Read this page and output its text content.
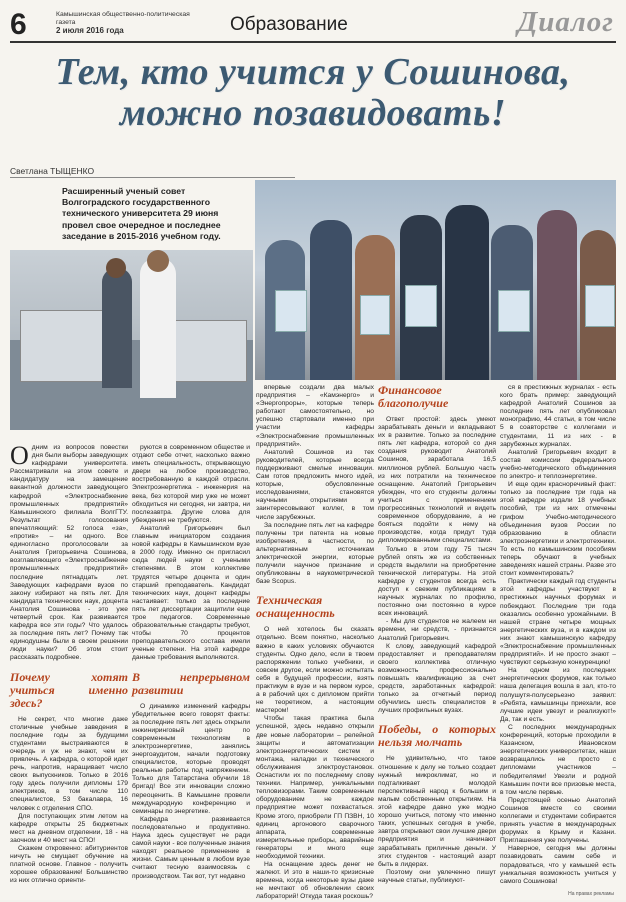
6	Камышинская общественно-политическая газета
2 июля 2016 года	Образование	Диалог
Тем, кто учится у Сошинова,
можно позавидовать!
Светлана ТЫЩЕНКО
Расширенный ученый совет Волгоградского государственного технического университета 29 июня провел свое очередное и последнее заседание в 2015-2016 учебном году.

Одним из вопросов повестки дня были выборы заведующих кафедрами университета. Рассматривали на этом совете и кандидатуру на замещение вакантной должности заведующего кафедрой «Электроснабжение промышленных предприятий» Камышинского филиала ВолгГТУ. Результат голосования впечатляющий: 52 голоса «за», «против» – ни одного. Все единогласно проголосовали за Анатолия Григорьевича Сошинова, возглавляющего «Электроснабжение промышленных предприятий» последние пятнадцать лет. Заведующих кафедрами вузов по закону избирают на пять лет. Для кандидата технических наук, доцента Анатолия Сошинова - это уже четвертый срок. Как развивается кафедра все эти годы? Что удалось за последние пять лет? Почему так единодушны были в своем решении люди науки? Об этом стоит рассказать подробнее.

Почему хотят учиться именно здесь?

Не секрет, что многие даже столичные учебные заведения в последние годы за будущими студентами выстраиваются в очередь и уж не знают, чем их привлечь. А кафедра, о которой идет речь, напротив, наращивает число своих выпускников. Только в 2016 году здесь получили дипломы 179 электриков, в том числе 110 специалистов, 53 бакалавра, 16 человек с отделения СПО.

Для поступающих этим летом на кафедре открыты 25 бюджетных мест на дневном отделении, 18 - на заочном и 40 мест на СПО!

Скажем откровенно: абитуриентов ничуть не смущает обучение на платной основе. Главное - получить хорошее образование! Большинство из них отлично ориенти-

руются в современном обществе и отдают себе отчет, насколько важно иметь специальность, открывающую двери на любое производство, востребованную в каждой отрасли. Электроэнергетика - инженерия на века, без которой мир уже не может обходиться ни сегодня, ни завтра, ни послезавтра. Другие слова для убеждения не требуются.

Анатолий Григорьевич был главным инициатором создания новой кафедры в Камышинском вузе в 2000 году. Именно он пригласил сюда людей науки с учеными степенями. В этом коллективе трудятся четыре доцента и один старший преподаватель. Кандидат технических наук, доцент кафедры настаивает: только за последние пять лет диссертации защитили еще трое педагогов. Современные образовательные стандарты требуют, чтобы 70 процентов преподавательского состава имели ученые степени. На этой кафедре данные требования выполняются.

В непрерывном развитии

О динамике изменений кафедры убедительнее всего говорят факты: за последние пять лет здесь открыли инжиниринговый центр по современным технологиям в электроэнергетике, занялись энергоаудитом, начали подготовку специалистов, которые проводят реальные работы под напряжением. Только для Татарстана обучили 18 бригад! Все эти инновации сложно переоценить. В Камышине провели международную конференцию и семинары по энергетике.

Кафедра развивается последовательно и продуктивно. Наука здесь существует не ради самой науки - все полученные знания находят реальное применение в жизни. Самым ценным в любом вузе считают тесную взаимосвязь с производством. Так вот, тут недавно

впервые создали два малых предприятия – «Камэнерго» и «Энергопроры», которые теперь работают самостоятельно, но успешно стартовали именно при участии кафедры «Электроснабжение промышленных предприятий».

Анатолий Сошинов из тех руководителей, которые всегда поддерживают смелые инновации. Сам готов предложить много идей, которые, обусловленные исследованиями, становятся научными открытиями и заинтересовывают коллег, в том числе зарубежных.

За последние пять лет на кафедре получены три патента на новые изобретения, в частности, по альтернативным источникам электрической энергии, которые получили научное признание и опубликованы в наукометрической базе Scopus.

Техническая оснащенность

О ней хотелось бы сказать отдельно. Всем понятно, насколько важно в каких условиях обучаются студенты. Одно дело, если в твоем распоряжении только учебники, и совсем другое, если можно испытать себя в будущей профессии, взять практикум в вузе и на первом курсе, а в рабочий цех с дипломом прийти не теоретиком, а настоящим мастером!

Чтобы такая практика была успешной, здесь недавно открыли две новые лаборатории – релейной защиты и автоматизации электроэнергетических систем и монтажа, наладки и технического обслуживания электроустановок. Оснастили их по последнему слову техники. Например, уникальными тепловизорами. Таким современным оборудованием не каждое предприятие может похвастаться. Кроме этого, приобрели ГП ПЗВН, 10 единиц аргонового сварочного аппарата, современные измерительные приборы, аварийные генераторы и много еще необходимой техники.

На оснащение здесь денег не жалеют. И это в наши-то кризисные времена, когда некоторые вузы даже не мечтают об обновлении своих лабораторий! Откуда такая роскошь?

Финансовое благополучие

Ответ простой: здесь умеют зарабатывать деньги и вкладывают их в развитие. Только за последние пять лет кафедра, которой со дня создания руководит Анатолий Сошинов, заработала 16,5 миллионов рублей. Большую часть из них потратили на техническое оснащение. Анатолий Григорьевич убежден, что его студенты должны учиться с применением прогрессивных технологий и видеть современное оборудование, а не бояться подойти к нему на производстве, когда придут туда дипломированными специалистами.

Только в этом году 75 тысяч рублей опять же из собственных средств выделили на приобретение технической литературы. На этой кафедре у студентов всегда есть доступ к свежим публикациям в научных журналах по профилю, постоянно они постоянно в курсе всех инноваций.

- Мы для студентов не жалеем ни времени, ни средств, - признается Анатолий Григорьевич.

К слову, заведующий кафедрой предоставляет и преподавателям своего коллектива отличную возможность профессионально повышать квалификацию за счет средств, заработанных кафедрой: только за отчетный период обучились шесть специалистов в лучших профильных вузах.

Победы, о которых нельзя молчать

Не удивительно, что такое отношение к делу не только создает нужный микроклимат, но и подталкивает молодой перспективный народ к большим и малым собственным открытиям. На этой кафедре давно уже модно хорошо учиться, потому что именно таких, успешных сегодня в учебе, завтра открывают свои лучшие двери предприятия и начинают зарабатывать приличные деньги. У этих студентов - настоящий азарт быть в лидерах.

Поэтому они увлеченно пишут научные статьи, публикуют-

ся в престижных журналах - есть кого брать пример: заведующий кафедрой Анатолий Сошинов за последние пять лет опубликовал монографию, 44 статьи, в том числе 5 в соавторстве с коллегами и студентами, 11 из них - в зарубежных журналах.

Анатолий Григорьевич входит в состав комиссии федерального учебно-методического объединения по электро- и теплоэнергетике.

И еще один красноречивый факт: только за последние три года на этой кафедре издали 18 учебных пособий, три из них отмечены грифом Учебно-методического объединения вузов России по образованию в области электроэнергетики и электротехники. То есть по камышинским пособиям теперь обучают в учебных заведениях нашей страны. Разве это стоит комментировать?

Практически каждый год студенты этой кафедры участвуют в престижных научных форумах и побеждают. Последние три года оказались особенно урожайными. В нашей стране четыре мощных энергетических вуза, и в каждом из них знают камышинскую кафедру «Электроснабжение промышленных предприятий». И не просто знают – чувствуют серьезную конкуренцию!

На одном из последних энергетических форумов, как только наша делегация вошла в зал, кто-то полушутя-полусерьезно заявил: «Ребята, камышинцы приехали, все лучшие идеи увезут и реализуют!» Да, так и есть.

С последних международных конференций, которые проходили в Казанском, Ивановском энергетических университетах, наши возвращались не просто с дипломами участников – победителями! Увезли и родной Камышин почти все призовые места, в том числе первые.

Предстоящей осенью Анатолий Сошинов вместе со своими коллегами и студентами собирается принять участие в международных форумах в Крыму и Казани. Приглашения уже получены.

Наверное, сегодня мы должны позавидовать самим себе и порадоваться, что у камышей есть уникальная возможность учиться у самого Сошинова!

На правах рекламы
